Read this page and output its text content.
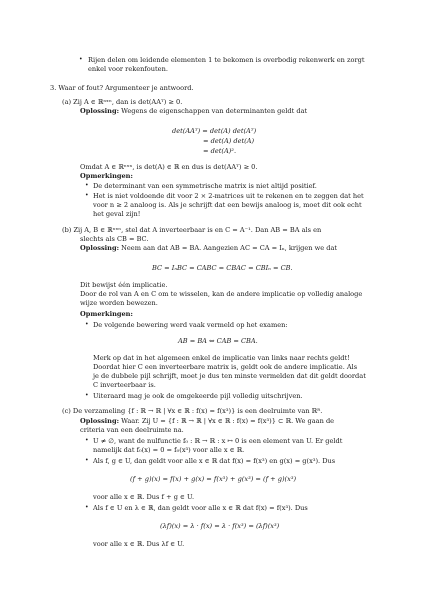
• Rijen delen om leidende elementen 1 te bekomen is overbodig rekenwerk en zorgt
enkel voor rekenfouten.
3. Waar of fout? Argumenteer je antwoord.
(a) Zij A ∈ ℝⁿˣⁿ, dan is det(AAᵀ) ≥ 0.
Oplossing: Wegens de eigenschappen van determinanten geldt dat
det(AAᵀ) = det(A) det(Aᵀ)
= det(A) det(A)
= det(A)².
Omdat A ∈ ℝⁿˣⁿ, is det(A) ∈ ℝ en dus is det(AAᵀ) ≥ 0.
Opmerkingen:
• De determinant van een symmetrische matrix is niet altijd positief.
• Het is niet voldoende dit voor 2 × 2-matrices uit te rekenen en te zeggen dat het
voor n ≥ 2 analoog is. Als je schrijft dat een bewijs analoog is, moet dit ook echt
het geval zijn!
(b) Zij A, B ∈ ℝⁿˣⁿ, stel dat A inverteerbaar is en C = A⁻¹. Dan AB = BA als en
slechts als CB = BC.
Oplossing: Neem aan dat AB = BA. Aangezien AC = CA = Iₙ, krijgen we dat
BC = IₙBC = CABC = CBAC = CBIₙ = CB.
Dit bewijst één implicatie.
Door de rol van A en C om te wisselen, kan de andere implicatie op volledig analoge
wijze worden bewezen.
Opmerkingen:
• De volgende bewering werd vaak vermeld op het examen:
AB = BA ⇔ CAB = CBA.
Merk op dat in het algemeen enkel de implicatie van links naar rechts geldt!
Doordat hier C een inverteerbare matrix is, geldt ook de andere implicatie. Als
je de dubbele pijl schrijft, moet je dus ten minste vermelden dat dit geldt doordat
C inverteerbaar is.
• Uiteraard mag je ook de omgekeerde pijl volledig uitschrijven.
(c) De verzameling {f : ℝ → ℝ | ∀x ∈ ℝ : f(x) = f(x³)} is een deelruimte van ℝᴿ.
Oplossing: Waar. Zij U = {f : ℝ → ℝ | ∀x ∈ ℝ : f(x) = f(x³)} ⊂ ℝ. We gaan de
criteria van een deelruimte na.
• U ≠ ∅, want de nulfunctie f₀ : ℝ → ℝ : x ↦ 0 is een element van U. Er geldt
namelijk dat f₀(x) = 0 = f₀(x³) voor alle x ∈ ℝ.
• Als f, g ∈ U, dan geldt voor alle x ∈ ℝ dat f(x) = f(x³) en g(x) = g(x³). Dus
(f + g)(x) = f(x) + g(x) = f(x³) + g(x³) = (f + g)(x³)
voor alle x ∈ ℝ. Dus f + g ∈ U.
• Als f ∈ U en λ ∈ ℝ, dan geldt voor alle x ∈ ℝ dat f(x) = f(x³). Dus
(λf)(x) = λ · f(x) = λ · f(x³) = (λf)(x³)
voor alle x ∈ ℝ. Dus λf ∈ U.
